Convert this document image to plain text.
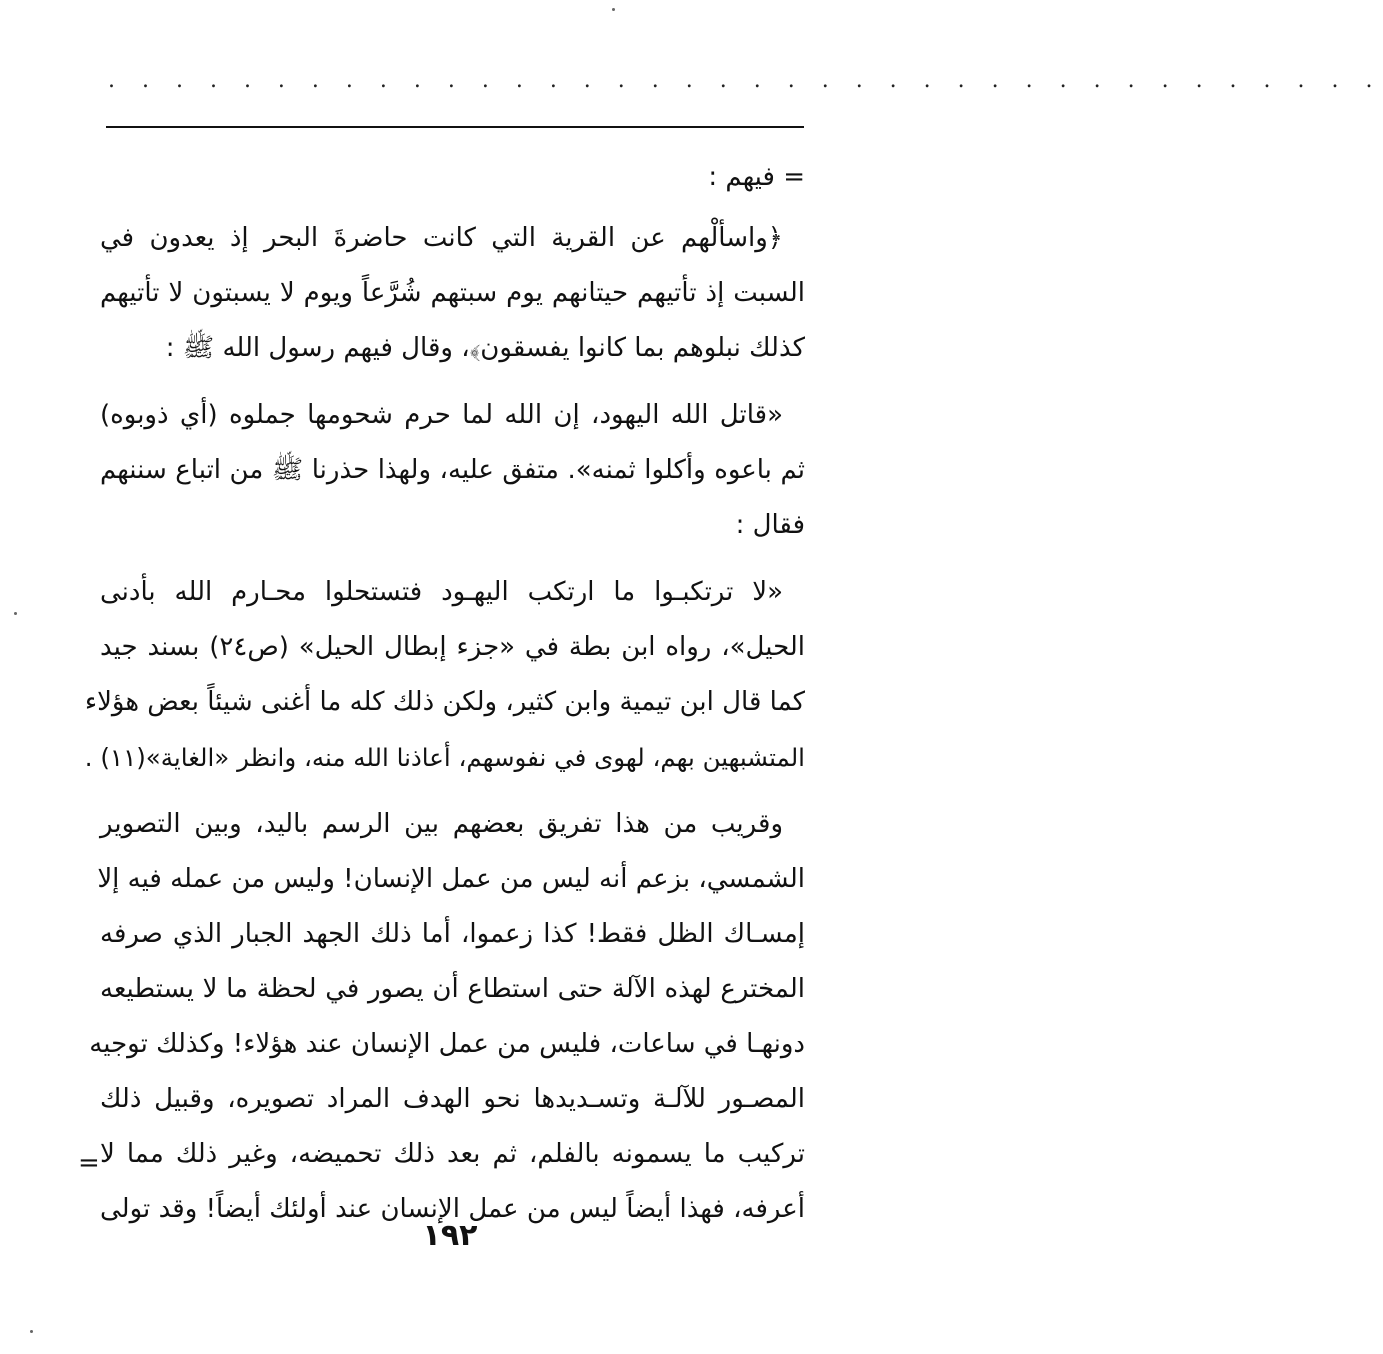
. . . . . . . . . . . . . . . . . . . . . . . . . . . . . . . . . . . . . .
= فيهم :
﴿واسألْهم عن القرية التي كانت حاضرةَ البحر إذ يعدون في
السبت إذ تأتيهم حيتانهم يوم سبتهم شُرَّعاً ويوم لا يسبتون لا تأتيهم
كذلك نبلوهم بما كانوا يفسقون﴾، وقال فيهم رسول الله ﷺ :
«قاتل الله اليهود، إن الله لما حرم شحومها جملوه (أي ذوبوه)
ثم باعوه وأكلوا ثمنه». متفق عليه، ولهذا حذرنا ﷺ من اتباع سننهم
فقال :
«لا ترتكبـوا ما ارتكب اليهـود فتستحلوا محـارم الله بأدنى
الحيل»، رواه ابن بطة في «جزء إبطال الحيل» (ص٢٤) بسند جيد
كما قال ابن تيمية وابن كثير، ولكن ذلك كله ما أغنى شيئاً بعض هؤلاء
المتشبهين بهم، لهوى في نفوسهم، أعاذنا الله منه، وانظر «الغاية»(١١) .
وقريب من هذا تفريق بعضهم بين الرسم باليد، وبين التصوير
الشمسي، بزعم أنه ليس من عمل الإنسان! وليس من عمله فيه إلا
إمسـاك الظل فقط! كذا زعموا، أما ذلك الجهد الجبار الذي صرفه
المخترع لهذه الآلة حتى استطاع أن يصور في لحظة ما لا يستطيعه
دونهـا في ساعات، فليس من عمل الإنسان عند هؤلاء! وكذلك توجيه
المصـور للآلـة وتسـديدها نحو الهدف المراد تصويره، وقبيل ذلك
تركيب ما يسمونه بالفلم، ثم بعد ذلك تحميضه، وغير ذلك مما لا
أعرفه، فهذا أيضاً ليس من عمل الإنسان عند أولئك أيضاً! وقد تولى
=
١٩٢
